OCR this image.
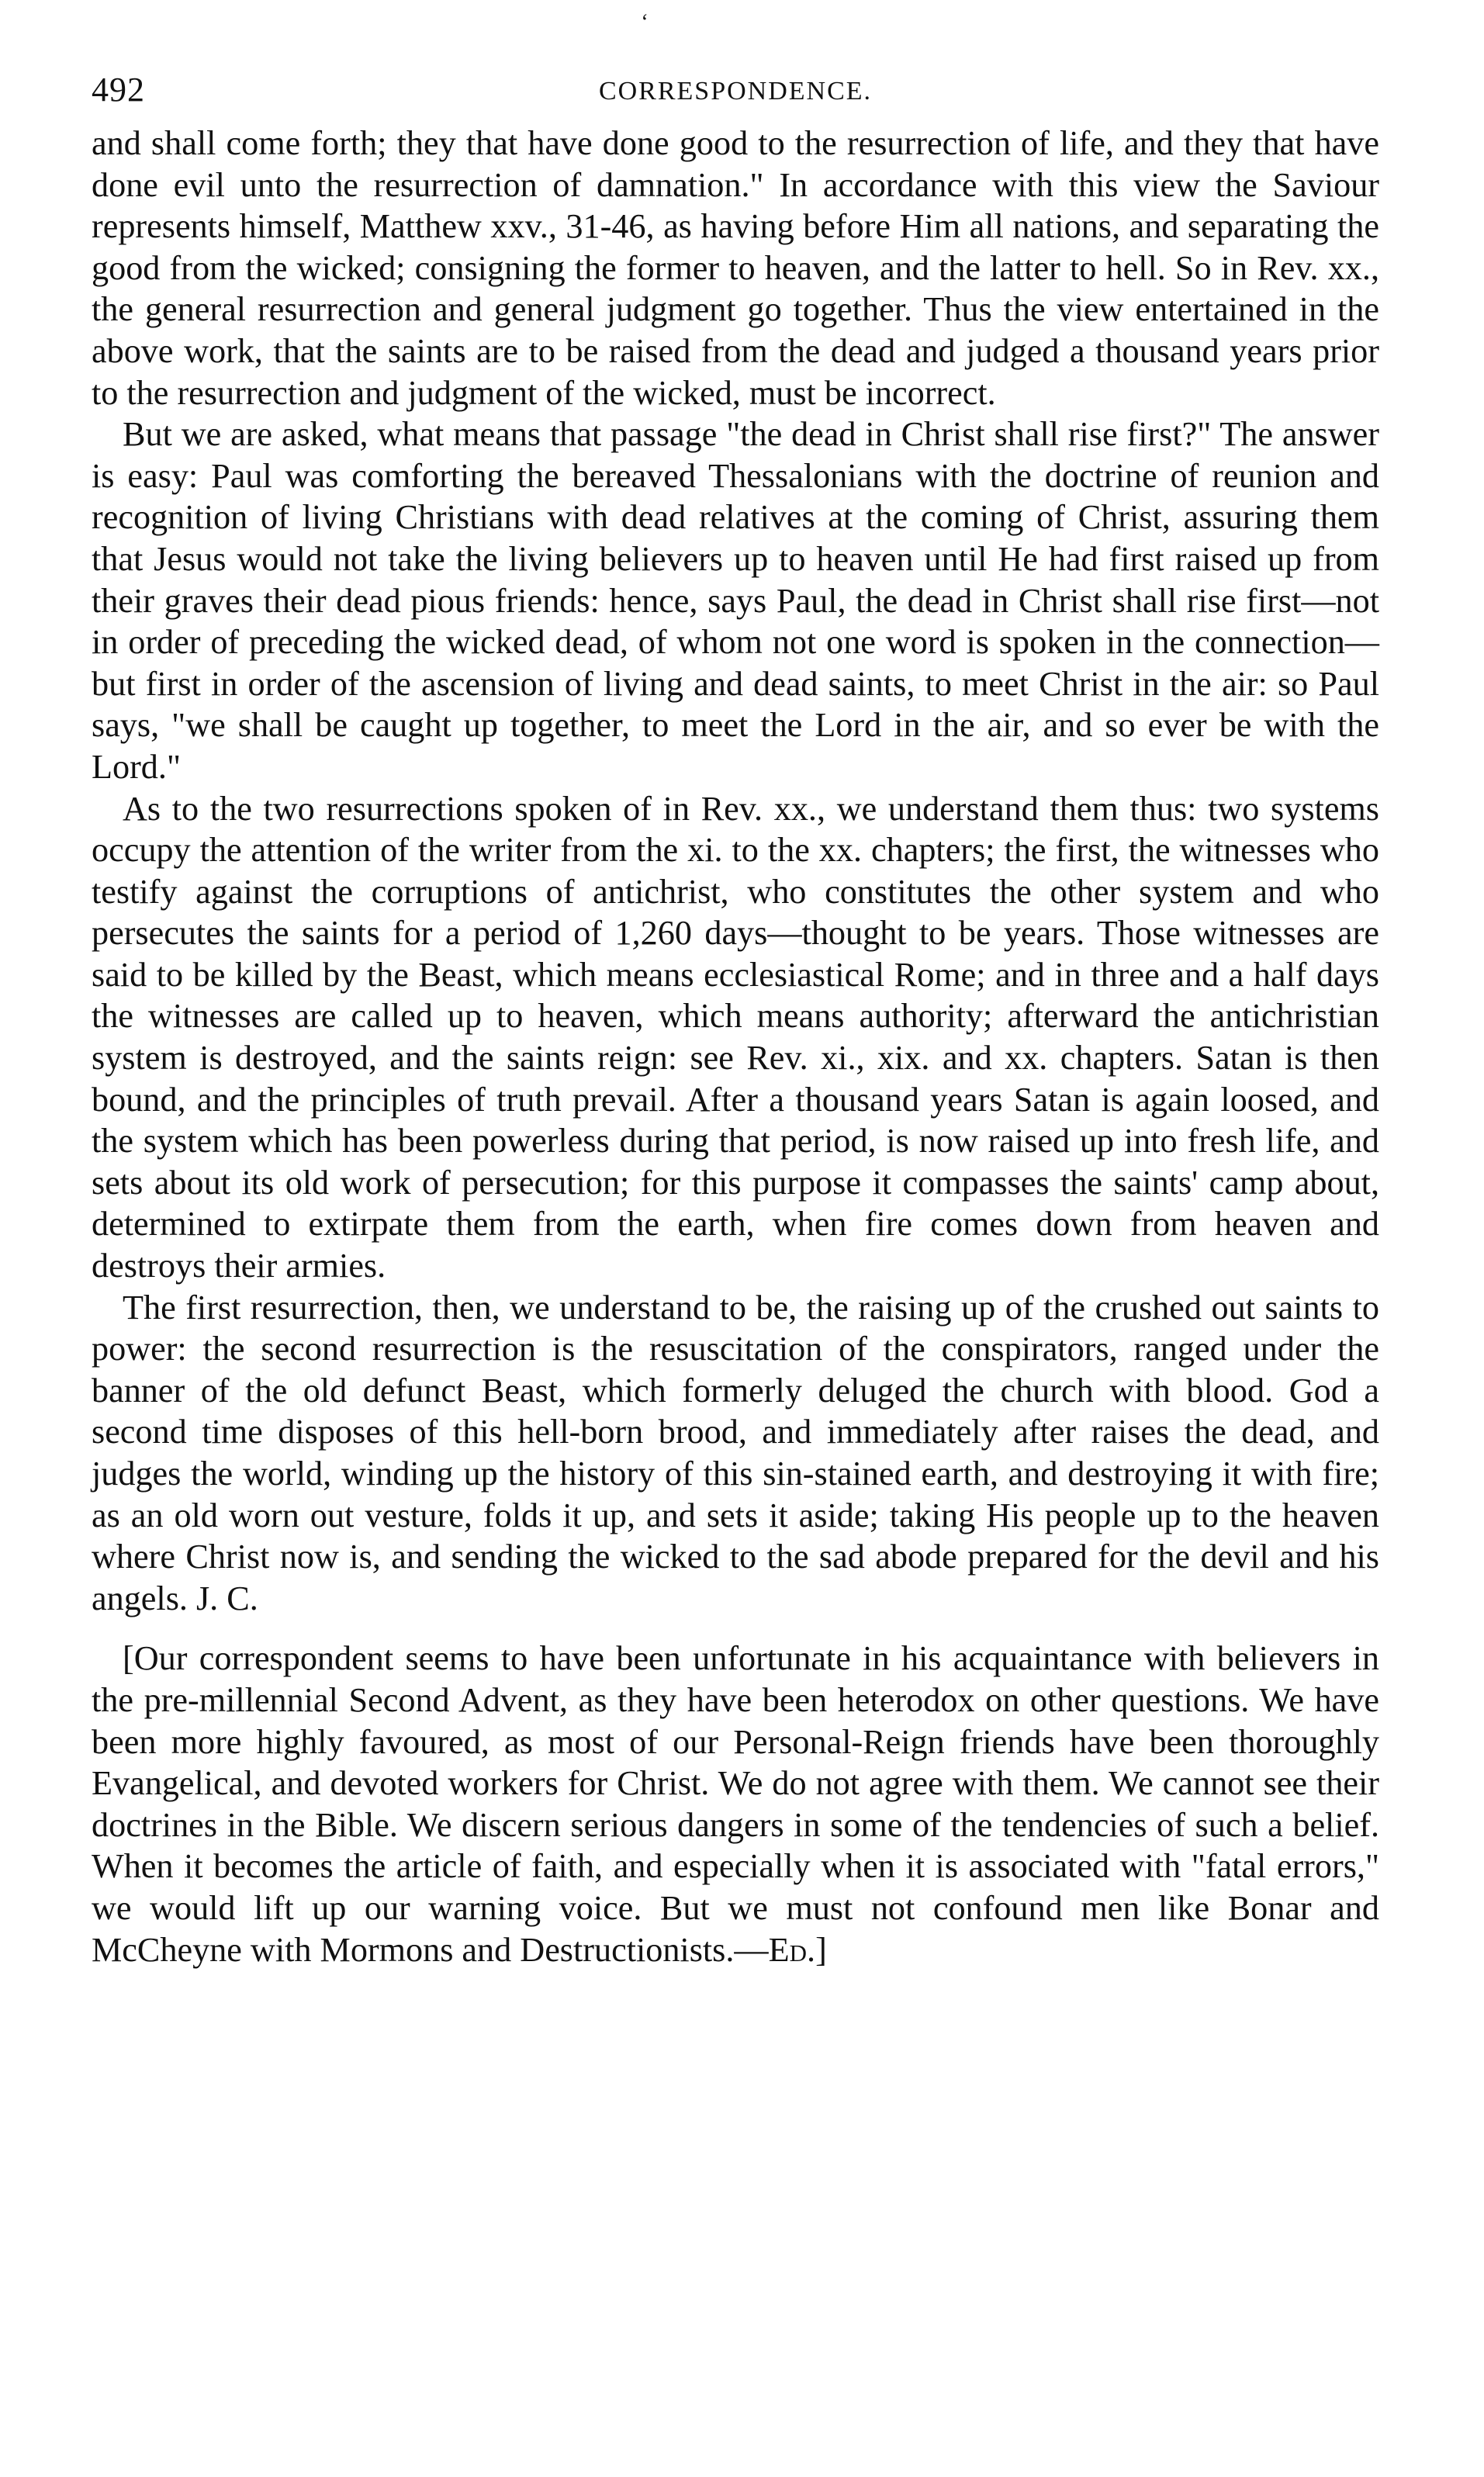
ʻ
492	CORRESPONDENCE.

and shall come forth; they that have done good to the resurrection of life, and they that have done evil unto the resurrection of damnation." In accordance with this view the Saviour represents himself, Matthew xxv., 31-46, as having before Him all nations, and separating the good from the wicked; consigning the former to heaven, and the latter to hell. So in Rev. xx., the general resurrection and general judgment go together. Thus the view entertained in the above work, that the saints are to be raised from the dead and judged a thousand years prior to the resurrection and judgment of the wicked, must be incorrect.

But we are asked, what means that passage "the dead in Christ shall rise first?" The answer is easy: Paul was comforting the bereaved Thessalonians with the doctrine of reunion and recognition of living Christians with dead relatives at the coming of Christ, assuring them that Jesus would not take the living believers up to heaven until He had first raised up from their graves their dead pious friends: hence, says Paul, the dead in Christ shall rise first—not in order of preceding the wicked dead, of whom not one word is spoken in the connection—but first in order of the ascension of living and dead saints, to meet Christ in the air: so Paul says, "we shall be caught up together, to meet the Lord in the air, and so ever be with the Lord."

As to the two resurrections spoken of in Rev. xx., we understand them thus: two systems occupy the attention of the writer from the xi. to the xx. chapters; the first, the witnesses who testify against the corruptions of antichrist, who constitutes the other system and who persecutes the saints for a period of 1,260 days—thought to be years. Those witnesses are said to be killed by the Beast, which means ecclesiastical Rome; and in three and a half days the witnesses are called up to heaven, which means authority; afterward the antichristian system is destroyed, and the saints reign: see Rev. xi., xix. and xx. chapters. Satan is then bound, and the principles of truth prevail. After a thousand years Satan is again loosed, and the system which has been powerless during that period, is now raised up into fresh life, and sets about its old work of persecution; for this purpose it compasses the saints' camp about, determined to extirpate them from the earth, when fire comes down from heaven and destroys their armies.

The first resurrection, then, we understand to be, the raising up of the crushed out saints to power: the second resurrection is the resuscitation of the conspirators, ranged under the banner of the old defunct Beast, which formerly deluged the church with blood. God a second time disposes of this hell-born brood, and immediately after raises the dead, and judges the world, winding up the history of this sin-stained earth, and destroying it with fire; as an old worn out vesture, folds it up, and sets it aside; taking His people up to the heaven where Christ now is, and sending the wicked to the sad abode prepared for the devil and his angels. J. C.

[Our correspondent seems to have been unfortunate in his acquaintance with believers in the pre-millennial Second Advent, as they have been heterodox on other questions. We have been more highly favoured, as most of our Personal-Reign friends have been thoroughly Evangelical, and devoted workers for Christ. We do not agree with them. We cannot see their doctrines in the Bible. We discern serious dangers in some of the tendencies of such a belief. When it becomes the article of faith, and especially when it is associated with "fatal errors," we would lift up our warning voice. But we must not confound men like Bonar and McCheyne with Mormons and Destructionists.—Ed.]
